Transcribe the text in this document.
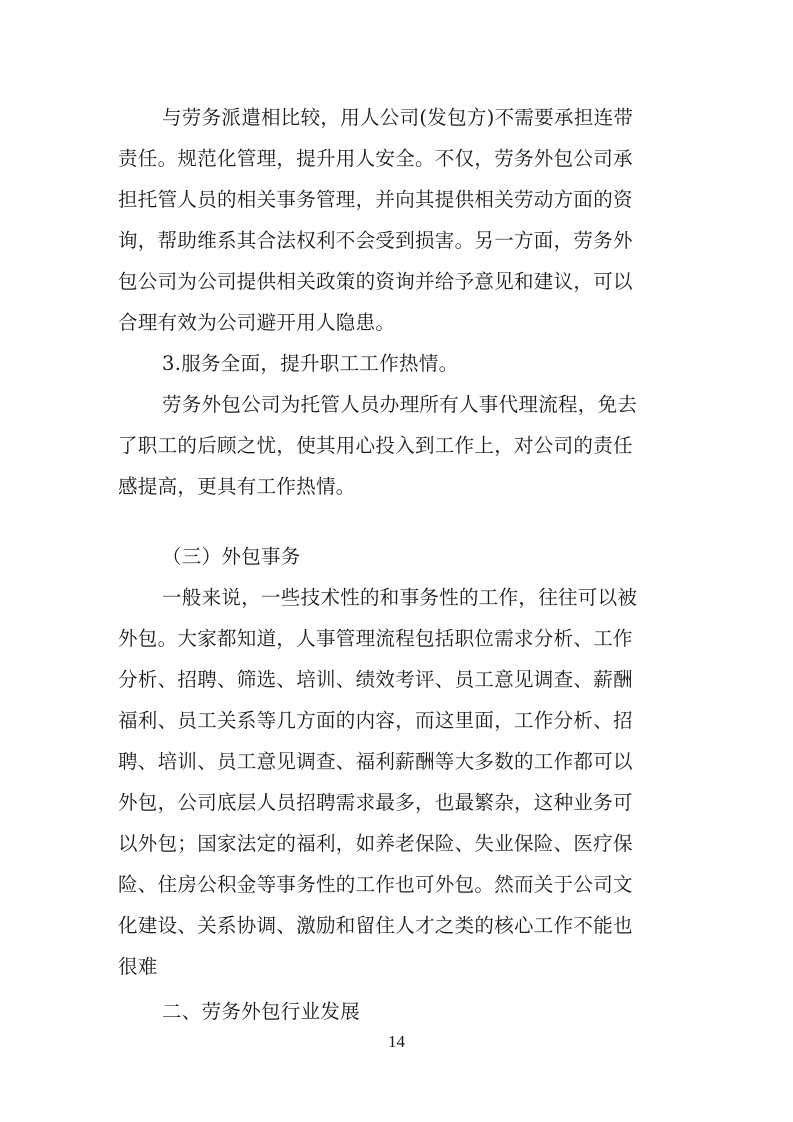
与劳务派遣相比较，用人公司(发包方)不需要承担连带
责任。规范化管理，提升用人安全。不仅，劳务外包公司承
担托管人员的相关事务管理，并向其提供相关劳动方面的资
询，帮助维系其合法权利不会受到损害。另一方面，劳务外
包公司为公司提供相关政策的资询并给予意见和建议，可以
合理有效为公司避开用人隐患。
3.服务全面，提升职工工作热情。
劳务外包公司为托管人员办理所有人事代理流程，免去
了职工的后顾之忧，使其用心投入到工作上，对公司的责任
感提高，更具有工作热情。
（三）外包事务
一般来说，一些技术性的和事务性的工作，往往可以被
外包。大家都知道，人事管理流程包括职位需求分析、工作
分析、招聘、筛选、培训、绩效考评、员工意见调查、薪酬
福利、员工关系等几方面的内容，而这里面，工作分析、招
聘、培训、员工意见调查、福利薪酬等大多数的工作都可以
外包，公司底层人员招聘需求最多，也最繁杂，这种业务可
以外包；国家法定的福利，如养老保险、失业保险、医疗保
险、住房公积金等事务性的工作也可外包。然而关于公司文
化建设、关系协调、激励和留住人才之类的核心工作不能也
很难
二、劳务外包行业发展
14
